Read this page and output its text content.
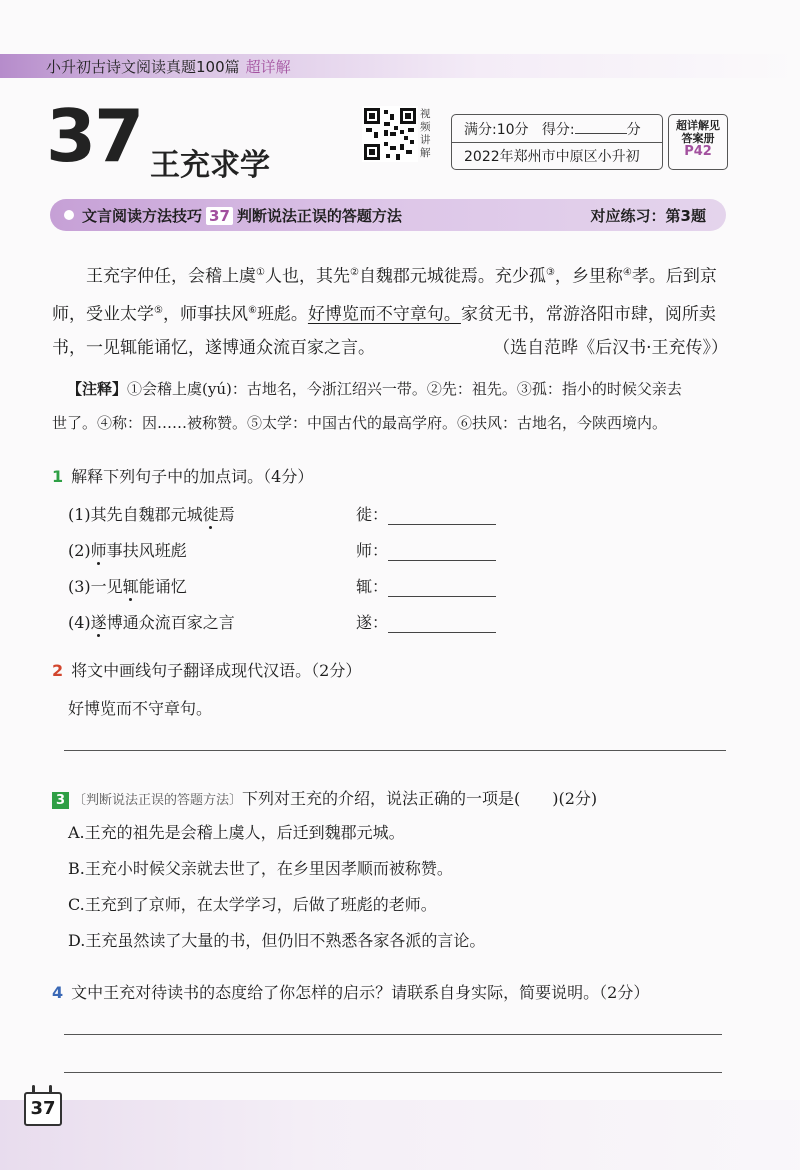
小升初古诗文阅读真题100篇 超详解
37 王充求学
视频讲解
满分:10分 得分:	分
2022年郑州市中原区小升初
超详解见
答案册
P42
文言阅读方法技巧 37 判断说法正误的答题方法	对应练习：第3题

王充字仲任，会稽上虞①人也，其先②自魏郡元城徙焉。充少孤③，乡里称④孝。后到京

师，受业太学⑤，师事扶风⑥班彪。好博览而不守章句。家贫无书，常游洛阳市肆，阅所卖

书，一见辄能诵忆，遂博通众流百家之言。	（选自范晔《后汉书·王充传》）

【注释】①会稽上虞(yú)：古地名，今浙江绍兴一带。②先：祖先。③孤：指小的时候父亲去
世了。④称：因……被称赞。⑤太学：中国古代的最高学府。⑥扶风：古地名，今陕西境内。
1 解释下列句子中的加点词。（4分）
(1)其先自魏郡元城徙焉	徙：
(2)师事扶风班彪	师：
(3)一见辄能诵忆	辄：
(4)遂博通众流百家之言	遂：
2 将文中画线句子翻译成现代汉语。（2分）
好博览而不守章句。
3 〔判断说法正误的答题方法〕下列对王充的介绍，说法正确的一项是(　　)(2分)
A.王充的祖先是会稽上虞人，后迁到魏郡元城。
B.王充小时候父亲就去世了，在乡里因孝顺而被称赞。
C.王充到了京师，在太学学习，后做了班彪的老师。
D.王充虽然读了大量的书，但仍旧不熟悉各家各派的言论。
4 文中王充对待读书的态度给了你怎样的启示？请联系自身实际，简要说明。（2分）
37
